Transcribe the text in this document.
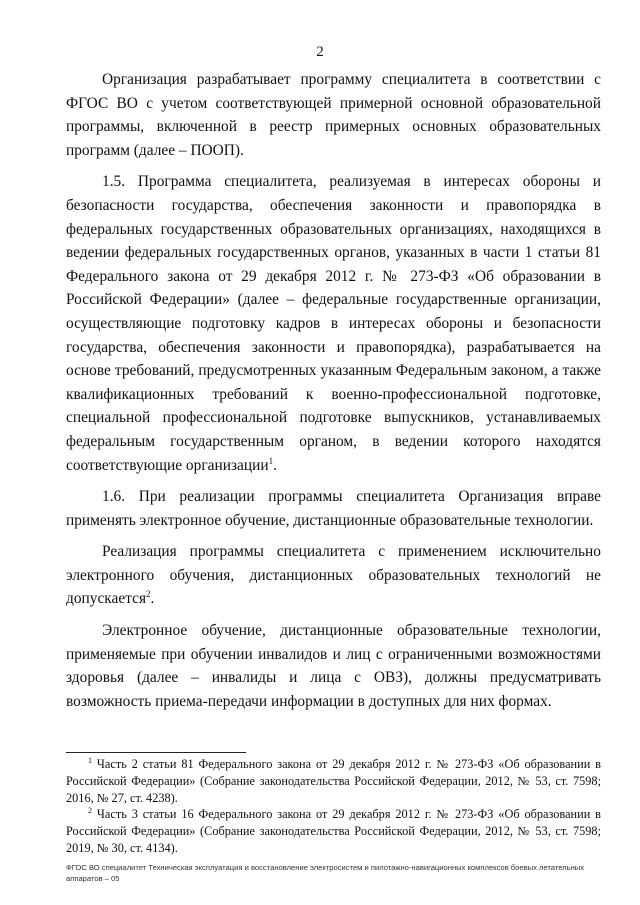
2

Организация разрабатывает программу специалитета в соответствии с ФГОС ВО с учетом соответствующей примерной основной образовательной программы, включенной в реестр примерных основных образовательных программ (далее – ПООП).

1.5. Программа специалитета, реализуемая в интересах обороны и безопасности государства, обеспечения законности и правопорядка в федеральных государственных образовательных организациях, находящихся в ведении федеральных государственных органов, указанных в части 1 статьи 81 Федерального закона от 29 декабря 2012 г. № 273-ФЗ «Об образовании в Российской Федерации» (далее – федеральные государственные организации, осуществляющие подготовку кадров в интересах обороны и безопасности государства, обеспечения законности и правопорядка), разрабатывается на основе требований, предусмотренных указанным Федеральным законом, а также квалификационных требований к военно-профессиональной подготовке, специальной профессиональной подготовке выпускников, устанавливаемых федеральным государственным органом, в ведении которого находятся соответствующие организации$^1$.

1.6. При реализации программы специалитета Организация вправе применять электронное обучение, дистанционные образовательные технологии.

Реализация программы специалитета с применением исключительно электронного обучения, дистанционных образовательных технологий не допускается$^2$.

Электронное обучение, дистанционные образовательные технологии, применяемые при обучении инвалидов и лиц с ограниченными возможностями здоровья (далее – инвалиды и лица с ОВЗ), должны предусматривать возможность приема-передачи информации в доступных для них формах.

$^1$ Часть 2 статьи 81 Федерального закона от 29 декабря 2012 г. № 273-ФЗ «Об образовании в Российской Федерации» (Собрание законодательства Российской Федерации, 2012, № 53, ст. 7598; 2016, № 27, ст. 4238).

$^2$ Часть 3 статьи 16 Федерального закона от 29 декабря 2012 г. № 273-ФЗ «Об образовании в Российской Федерации» (Собрание законодательства Российской Федерации, 2012, № 53, ст. 7598; 2019, № 30, ст. 4134).

ФГОС ВО специалитет Техническая эксплуатация и восстановление электросистем и пилотажно-навигационных комплексов боевых летательных аппаратов – 05
